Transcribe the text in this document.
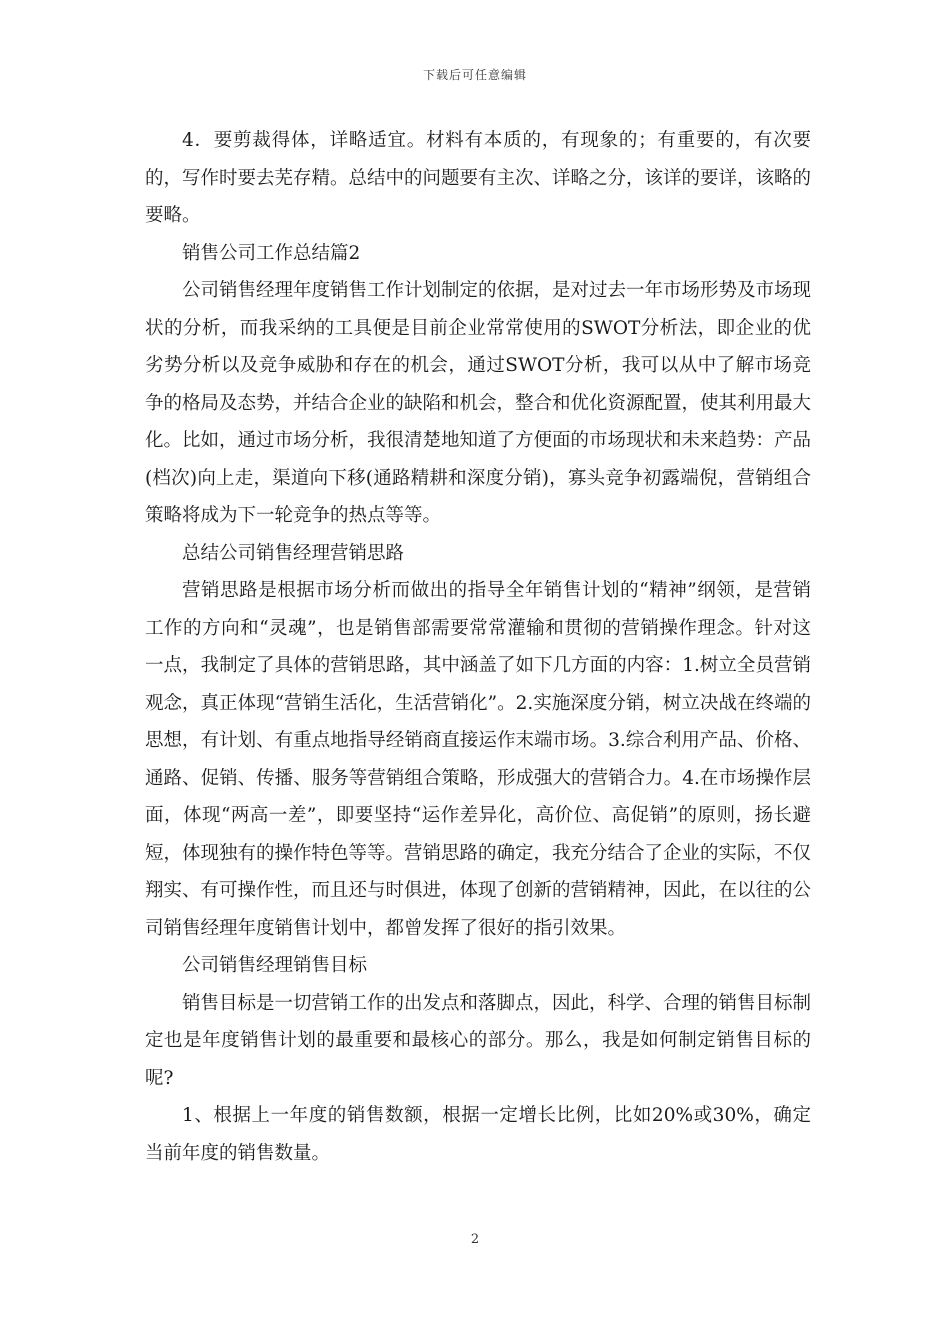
下载后可任意编辑

4．要剪裁得体，详略适宜。材料有本质的，有现象的；有重要的，有次要的，写作时要去芜存精。总结中的问题要有主次、详略之分，该详的要详，该略的要略。

销售公司工作总结篇2

公司销售经理年度销售工作计划制定的依据，是对过去一年市场形势及市场现状的分析，而我采纳的工具便是目前企业常常使用的SWOT分析法，即企业的优劣势分析以及竞争威胁和存在的机会，通过SWOT分析，我可以从中了解市场竞争的格局及态势，并结合企业的缺陷和机会，整合和优化资源配置，使其利用最大化。比如，通过市场分析，我很清楚地知道了方便面的市场现状和未来趋势：产品(档次)向上走，渠道向下移(通路精耕和深度分销)，寡头竞争初露端倪，营销组合策略将成为下一轮竞争的热点等等。

总结公司销售经理营销思路

营销思路是根据市场分析而做出的指导全年销售计划的“精神”纲领，是营销工作的方向和“灵魂”，也是销售部需要常常灌输和贯彻的营销操作理念。针对这一点，我制定了具体的营销思路，其中涵盖了如下几方面的内容：1.树立全员营销观念，真正体现“营销生活化，生活营销化”。2.实施深度分销，树立决战在终端的思想，有计划、有重点地指导经销商直接运作末端市场。3.综合利用产品、价格、通路、促销、传播、服务等营销组合策略，形成强大的营销合力。4.在市场操作层面，体现“两高一差”，即要坚持“运作差异化，高价位、高促销”的原则，扬长避短，体现独有的操作特色等等。营销思路的确定，我充分结合了企业的实际，不仅翔实、有可操作性，而且还与时俱进，体现了创新的营销精神，因此，在以往的公司销售经理年度销售计划中，都曾发挥了很好的指引效果。

公司销售经理销售目标

销售目标是一切营销工作的出发点和落脚点，因此，科学、合理的销售目标制定也是年度销售计划的最重要和最核心的部分。那么，我是如何制定销售目标的呢?

1、根据上一年度的销售数额，根据一定增长比例，比如20%或30%，确定当前年度的销售数量。

2
